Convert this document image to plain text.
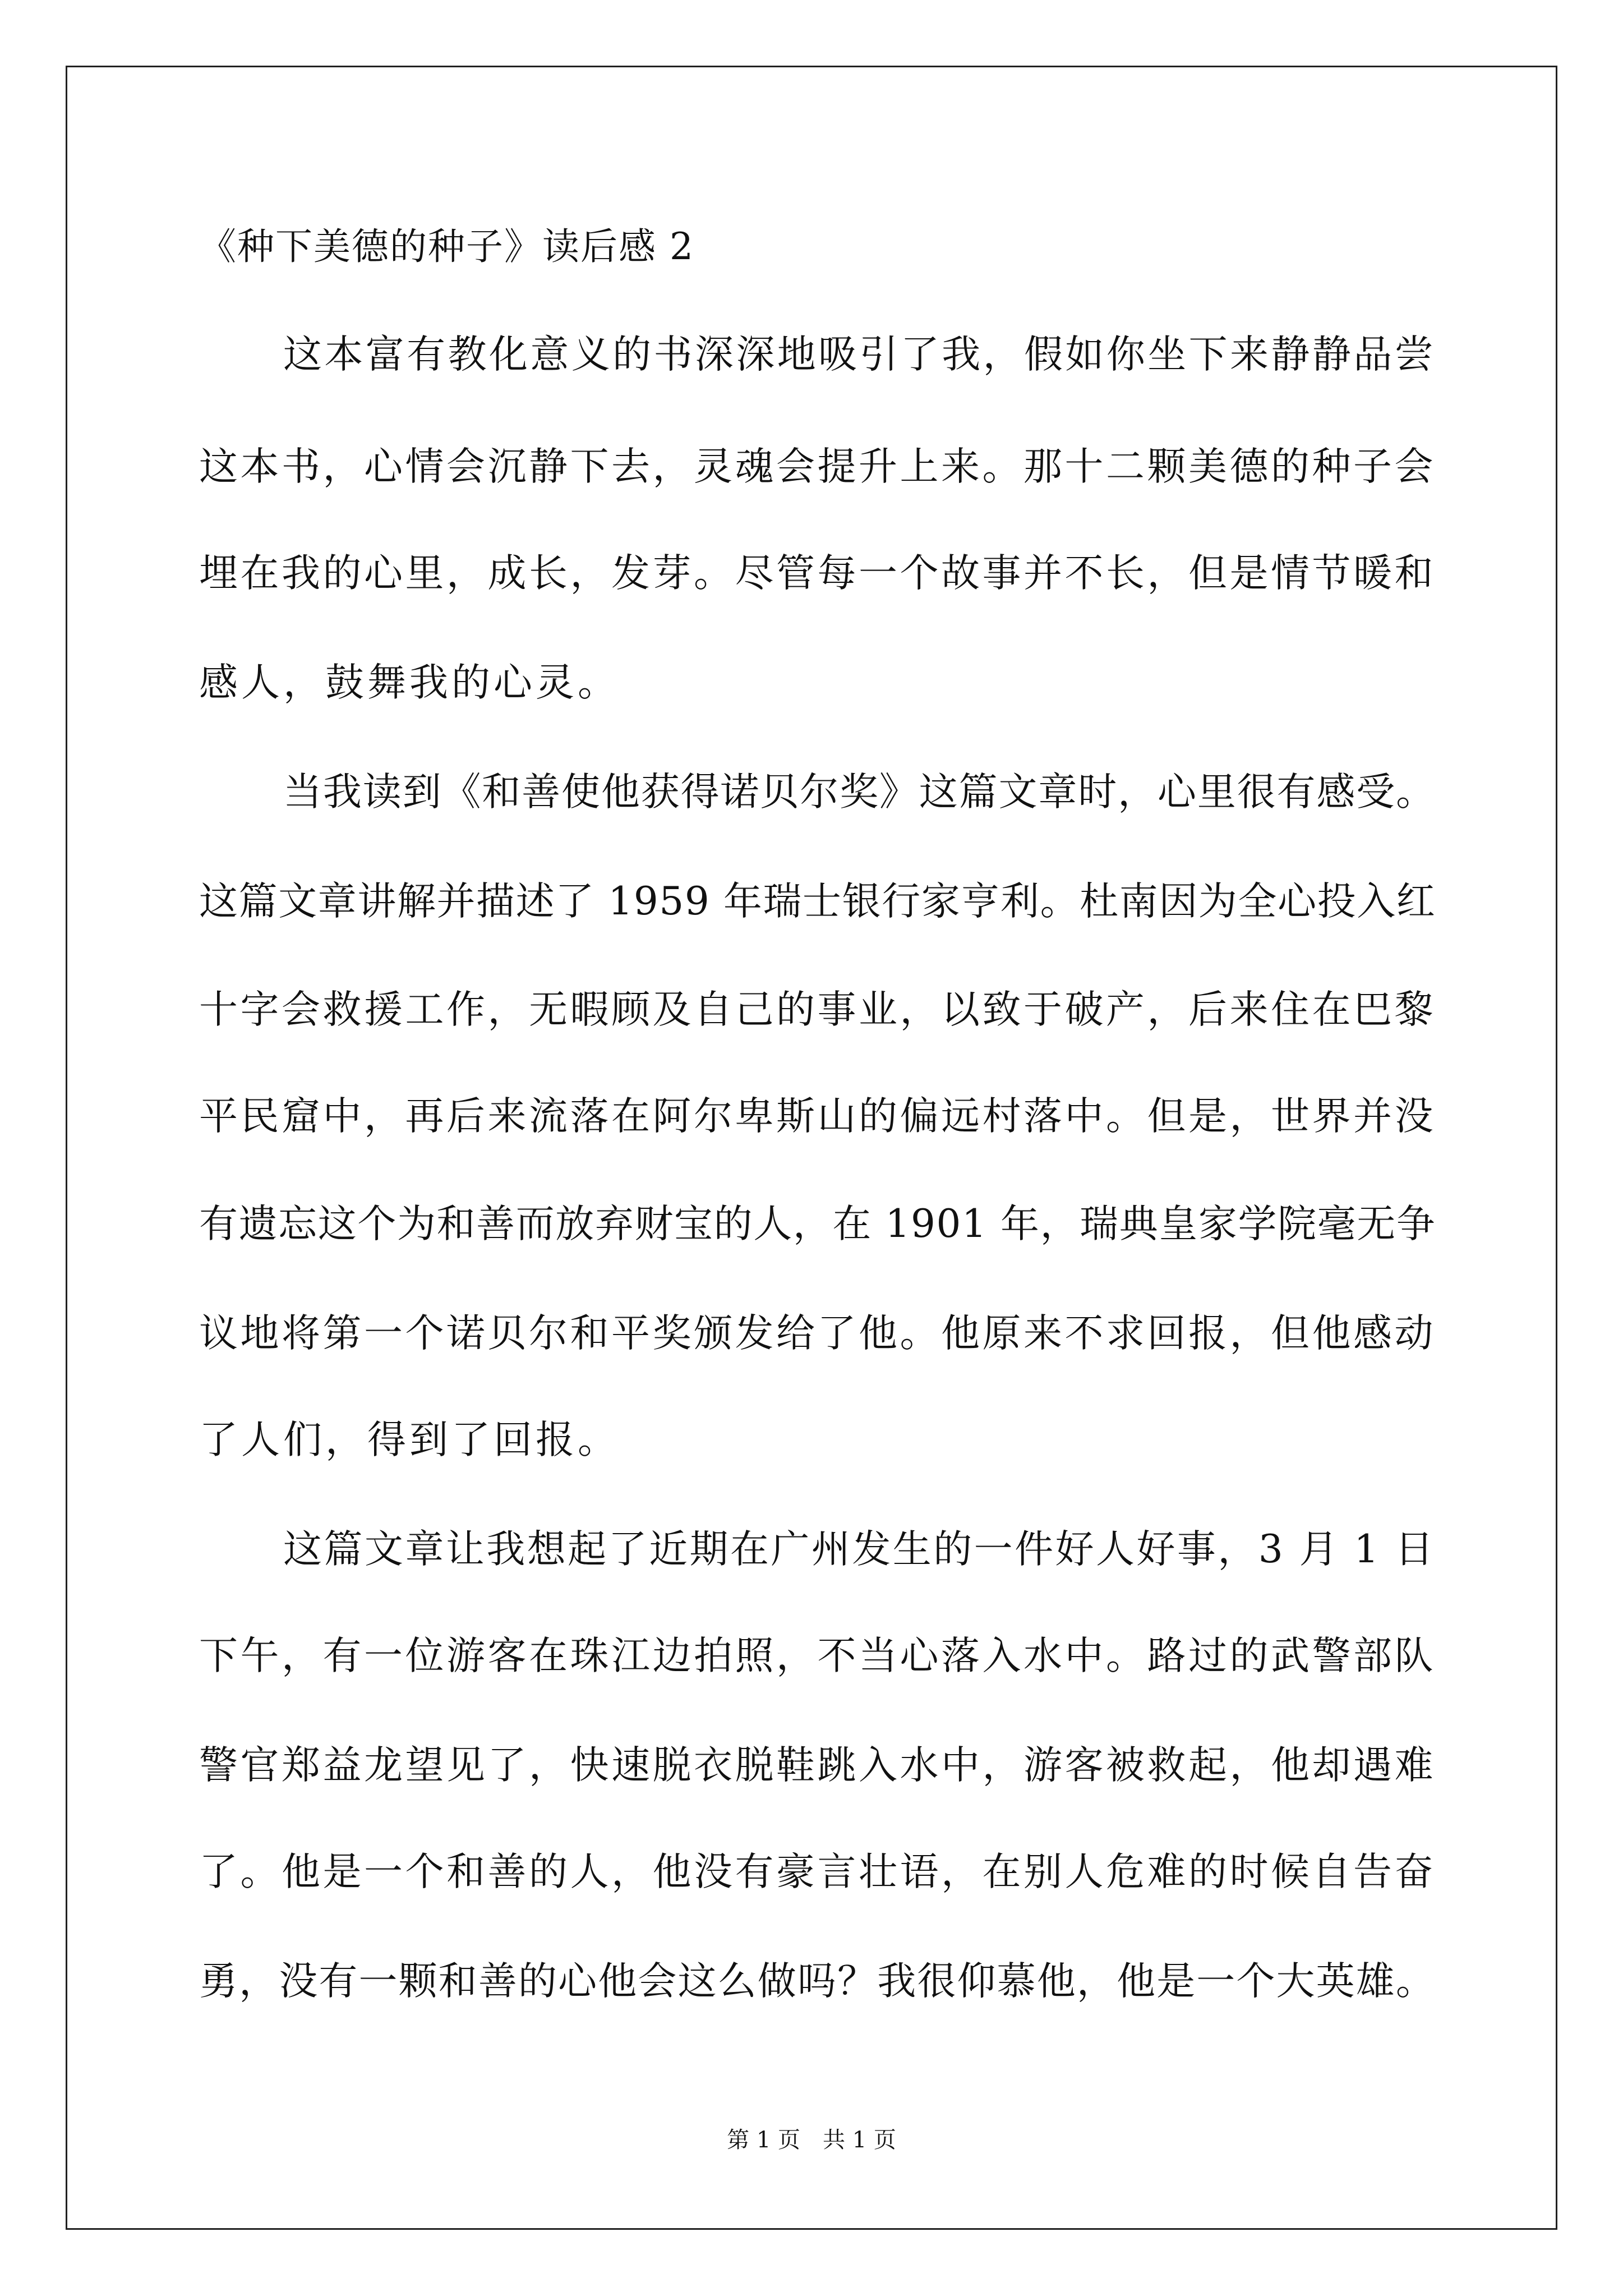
《种下美德的种子》读后感 2
这本富有教化意义的书深深地吸引了我，假如你坐下来静静品尝
这本书，心情会沉静下去，灵魂会提升上来。那十二颗美德的种子会
埋在我的心里，成长，发芽。尽管每一个故事并不长，但是情节暖和
感人，鼓舞我的心灵。
当我读到《和善使他获得诺贝尔奖》这篇文章时，心里很有感受。
这篇文章讲解并描述了 1959 年瑞士银行家亨利。杜南因为全心投入红
十字会救援工作，无暇顾及自己的事业，以致于破产，后来住在巴黎
平民窟中，再后来流落在阿尔卑斯山的偏远村落中。但是，世界并没
有遗忘这个为和善而放弃财宝的人，在 1901 年，瑞典皇家学院毫无争
议地将第一个诺贝尔和平奖颁发给了他。他原来不求回报，但他感动
了人们，得到了回报。
这篇文章让我想起了近期在广州发生的一件好人好事，3 月 1 日
下午，有一位游客在珠江边拍照，不当心落入水中。路过的武警部队
警官郑益龙望见了，快速脱衣脱鞋跳入水中，游客被救起，他却遇难
了。他是一个和善的人，他没有豪言壮语，在别人危难的时候自告奋
勇，没有一颗和善的心他会这么做吗？我很仰慕他，他是一个大英雄。
第 1 页　共 1 页
